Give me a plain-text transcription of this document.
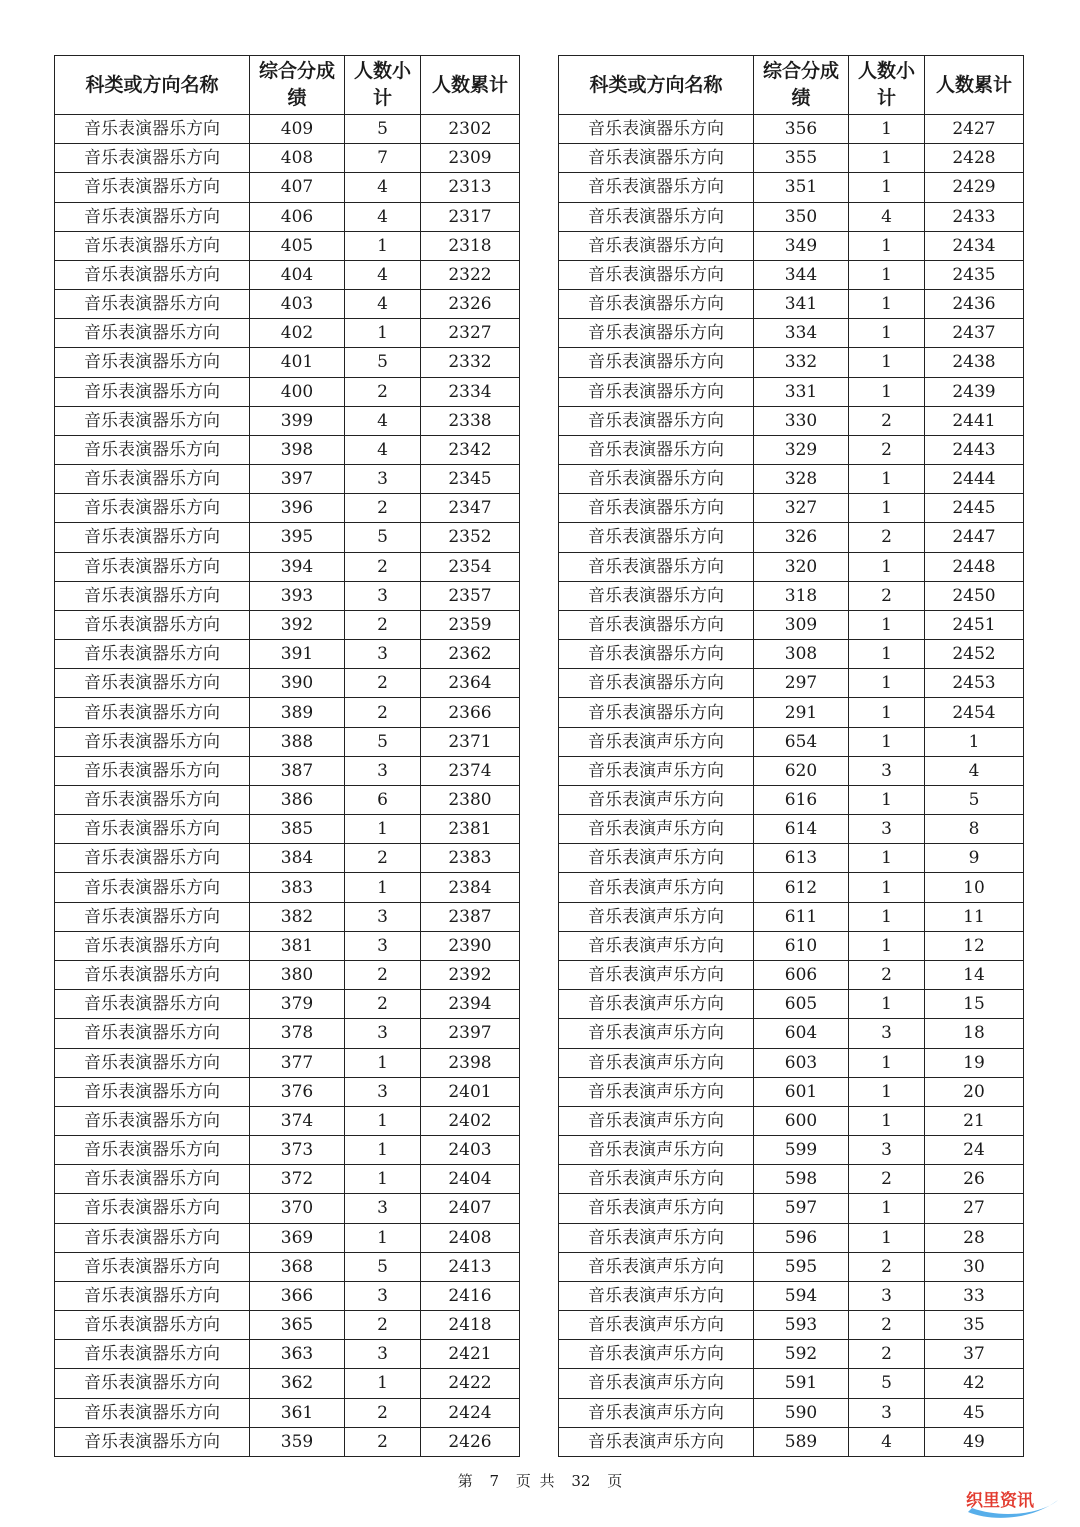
科类或方向名称	综合分成绩	人数小计	人数累计
音乐表演器乐方向	409	5	2302
音乐表演器乐方向	408	7	2309
音乐表演器乐方向	407	4	2313
音乐表演器乐方向	406	4	2317
音乐表演器乐方向	405	1	2318
音乐表演器乐方向	404	4	2322
音乐表演器乐方向	403	4	2326
音乐表演器乐方向	402	1	2327
音乐表演器乐方向	401	5	2332
音乐表演器乐方向	400	2	2334
音乐表演器乐方向	399	4	2338
音乐表演器乐方向	398	4	2342
音乐表演器乐方向	397	3	2345
音乐表演器乐方向	396	2	2347
音乐表演器乐方向	395	5	2352
音乐表演器乐方向	394	2	2354
音乐表演器乐方向	393	3	2357
音乐表演器乐方向	392	2	2359
音乐表演器乐方向	391	3	2362
音乐表演器乐方向	390	2	2364
音乐表演器乐方向	389	2	2366
音乐表演器乐方向	388	5	2371
音乐表演器乐方向	387	3	2374
音乐表演器乐方向	386	6	2380
音乐表演器乐方向	385	1	2381
音乐表演器乐方向	384	2	2383
音乐表演器乐方向	383	1	2384
音乐表演器乐方向	382	3	2387
音乐表演器乐方向	381	3	2390
音乐表演器乐方向	380	2	2392
音乐表演器乐方向	379	2	2394
音乐表演器乐方向	378	3	2397
音乐表演器乐方向	377	1	2398
音乐表演器乐方向	376	3	2401
音乐表演器乐方向	374	1	2402
音乐表演器乐方向	373	1	2403
音乐表演器乐方向	372	1	2404
音乐表演器乐方向	370	3	2407
音乐表演器乐方向	369	1	2408
音乐表演器乐方向	368	5	2413
音乐表演器乐方向	366	3	2416
音乐表演器乐方向	365	2	2418
音乐表演器乐方向	363	3	2421
音乐表演器乐方向	362	1	2422
音乐表演器乐方向	361	2	2424
音乐表演器乐方向	359	2	2426
科类或方向名称	综合分成绩	人数小计	人数累计
音乐表演器乐方向	356	1	2427
音乐表演器乐方向	355	1	2428
音乐表演器乐方向	351	1	2429
音乐表演器乐方向	350	4	2433
音乐表演器乐方向	349	1	2434
音乐表演器乐方向	344	1	2435
音乐表演器乐方向	341	1	2436
音乐表演器乐方向	334	1	2437
音乐表演器乐方向	332	1	2438
音乐表演器乐方向	331	1	2439
音乐表演器乐方向	330	2	2441
音乐表演器乐方向	329	2	2443
音乐表演器乐方向	328	1	2444
音乐表演器乐方向	327	1	2445
音乐表演器乐方向	326	2	2447
音乐表演器乐方向	320	1	2448
音乐表演器乐方向	318	2	2450
音乐表演器乐方向	309	1	2451
音乐表演器乐方向	308	1	2452
音乐表演器乐方向	297	1	2453
音乐表演器乐方向	291	1	2454
音乐表演声乐方向	654	1	1
音乐表演声乐方向	620	3	4
音乐表演声乐方向	616	1	5
音乐表演声乐方向	614	3	8
音乐表演声乐方向	613	1	9
音乐表演声乐方向	612	1	10
音乐表演声乐方向	611	1	11
音乐表演声乐方向	610	1	12
音乐表演声乐方向	606	2	14
音乐表演声乐方向	605	1	15
音乐表演声乐方向	604	3	18
音乐表演声乐方向	603	1	19
音乐表演声乐方向	601	1	20
音乐表演声乐方向	600	1	21
音乐表演声乐方向	599	3	24
音乐表演声乐方向	598	2	26
音乐表演声乐方向	597	1	27
音乐表演声乐方向	596	1	28
音乐表演声乐方向	595	2	30
音乐表演声乐方向	594	3	33
音乐表演声乐方向	593	2	35
音乐表演声乐方向	592	2	37
音乐表演声乐方向	591	5	42
音乐表演声乐方向	590	3	45
音乐表演声乐方向	589	4	49
第 7 页 共 32 页
织里资讯
